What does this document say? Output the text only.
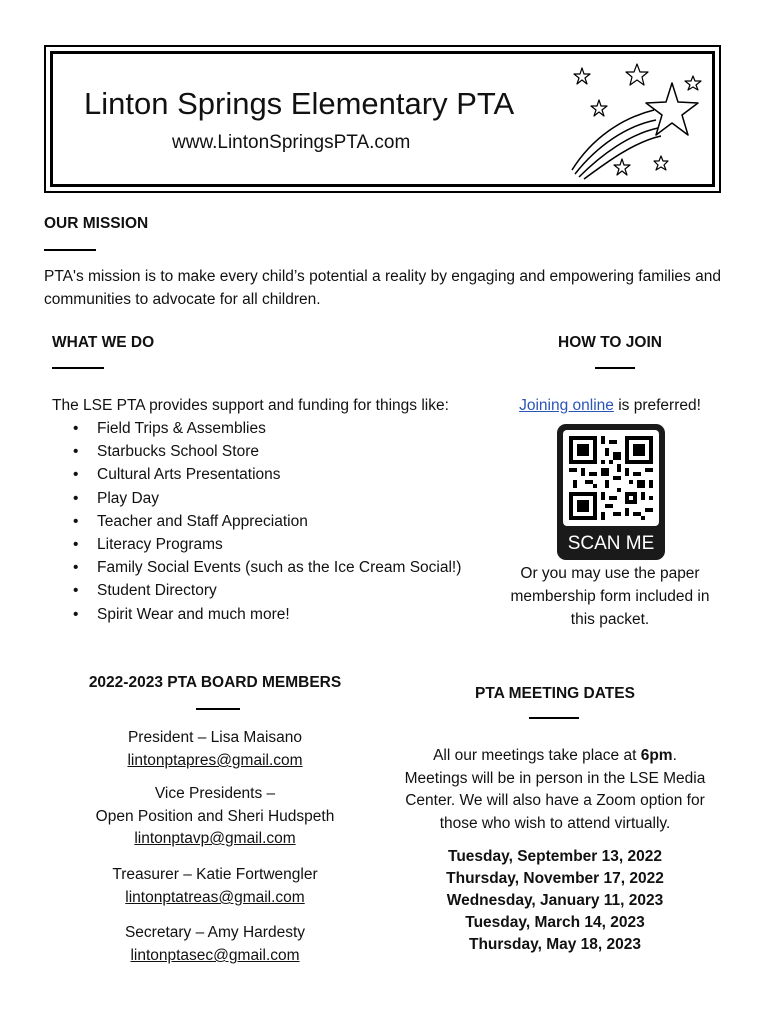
Linton Springs Elementary PTA
www.LintonSpringsPTA.com
OUR MISSION
PTA's mission is to make every child’s potential a reality by engaging and empowering families and communities to advocate for all children.
WHAT WE DO
The LSE PTA provides support and funding for things like:
• Field Trips & Assemblies
• Starbucks School Store
• Cultural Arts Presentations
• Play Day
• Teacher and Staff Appreciation
• Literacy Programs
• Family Social Events (such as the Ice Cream Social!)
• Student Directory
• Spirit Wear and much more!
HOW TO JOIN
Joining online is preferred!
SCAN ME
Or you may use the paper
membership form included in
this packet.
2022-2023 PTA BOARD MEMBERS
President – Lisa Maisano
lintonptapres@gmail.com
Vice Presidents –
Open Position and Sheri Hudspeth
lintonptavp@gmail.com
Treasurer – Katie Fortwengler
lintonptatreas@gmail.com
Secretary – Amy Hardesty
lintonptasec@gmail.com
PTA MEETING DATES
All our meetings take place at 6pm.
Meetings will be in person in the LSE Media
Center. We will also have a Zoom option for
those who wish to attend virtually.
Tuesday, September 13, 2022
Thursday, November 17, 2022
Wednesday, January 11, 2023
Tuesday, March 14, 2023
Thursday, May 18, 2023
